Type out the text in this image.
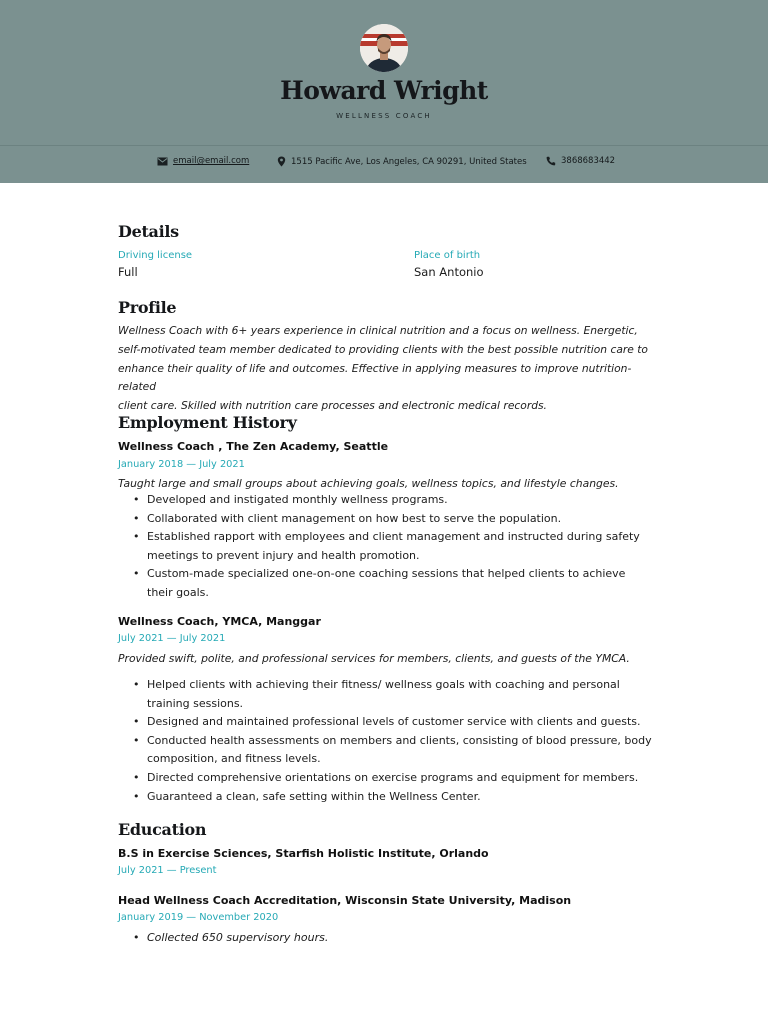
Howard Wright
WELLNESS COACH
email@email.com	1515 Pacific Ave, Los Angeles, CA 90291, United States	3868683442
Details
Driving license
Full
Place of birth
San Antonio
Profile
Wellness Coach with 6+ years experience in clinical nutrition and a focus on wellness. Energetic,
self-motivated team member dedicated to providing clients with the best possible nutrition care to
enhance their quality of life and outcomes. Effective in applying measures to improve nutrition-related
client care. Skilled with nutrition care processes and electronic medical records.
Employment History
Wellness Coach , The Zen Academy, Seattle
January 2018 — July 2021
Taught large and small groups about achieving goals, wellness topics, and lifestyle changes.
• Developed and instigated monthly wellness programs.
• Collaborated with client management on how best to serve the population.
• Established rapport with employees and client management and instructed during safety meetings to prevent injury and health promotion.
• Custom-made specialized one-on-one coaching sessions that helped clients to achieve their goals.
Wellness Coach, YMCA, Manggar
July 2021 — July 2021
Provided swift, polite, and professional services for members, clients, and guests of the YMCA.
• Helped clients with achieving their fitness/ wellness goals with coaching and personal training sessions.
• Designed and maintained professional levels of customer service with clients and guests.
• Conducted health assessments on members and clients, consisting of blood pressure, body composition, and fitness levels.
• Directed comprehensive orientations on exercise programs and equipment for members.
• Guaranteed a clean, safe setting within the Wellness Center.
Education
B.S in Exercise Sciences, Starfish Holistic Institute, Orlando
July 2021 — Present
Head Wellness Coach Accreditation, Wisconsin State University, Madison
January 2019 — November 2020
• Collected 650 supervisory hours.
